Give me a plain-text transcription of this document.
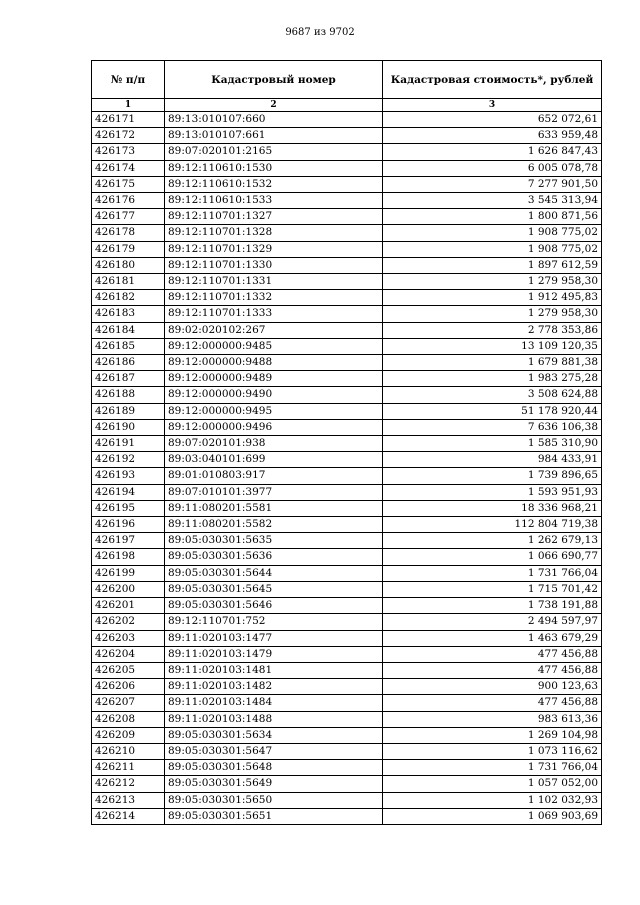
9687 из 9702
№ п/п	Кадастровый номер	Кадастровая стоимость*, рублей
1	2	3
426171	89:13:010107:660	652 072,61
426172	89:13:010107:661	633 959,48
426173	89:07:020101:2165	1 626 847,43
426174	89:12:110610:1530	6 005 078,78
426175	89:12:110610:1532	7 277 901,50
426176	89:12:110610:1533	3 545 313,94
426177	89:12:110701:1327	1 800 871,56
426178	89:12:110701:1328	1 908 775,02
426179	89:12:110701:1329	1 908 775,02
426180	89:12:110701:1330	1 897 612,59
426181	89:12:110701:1331	1 279 958,30
426182	89:12:110701:1332	1 912 495,83
426183	89:12:110701:1333	1 279 958,30
426184	89:02:020102:267	2 778 353,86
426185	89:12:000000:9485	13 109 120,35
426186	89:12:000000:9488	1 679 881,38
426187	89:12:000000:9489	1 983 275,28
426188	89:12:000000:9490	3 508 624,88
426189	89:12:000000:9495	51 178 920,44
426190	89:12:000000:9496	7 636 106,38
426191	89:07:020101:938	1 585 310,90
426192	89:03:040101:699	984 433,91
426193	89:01:010803:917	1 739 896,65
426194	89:07:010101:3977	1 593 951,93
426195	89:11:080201:5581	18 336 968,21
426196	89:11:080201:5582	112 804 719,38
426197	89:05:030301:5635	1 262 679,13
426198	89:05:030301:5636	1 066 690,77
426199	89:05:030301:5644	1 731 766,04
426200	89:05:030301:5645	1 715 701,42
426201	89:05:030301:5646	1 738 191,88
426202	89:12:110701:752	2 494 597,97
426203	89:11:020103:1477	1 463 679,29
426204	89:11:020103:1479	477 456,88
426205	89:11:020103:1481	477 456,88
426206	89:11:020103:1482	900 123,63
426207	89:11:020103:1484	477 456,88
426208	89:11:020103:1488	983 613,36
426209	89:05:030301:5634	1 269 104,98
426210	89:05:030301:5647	1 073 116,62
426211	89:05:030301:5648	1 731 766,04
426212	89:05:030301:5649	1 057 052,00
426213	89:05:030301:5650	1 102 032,93
426214	89:05:030301:5651	1 069 903,69
